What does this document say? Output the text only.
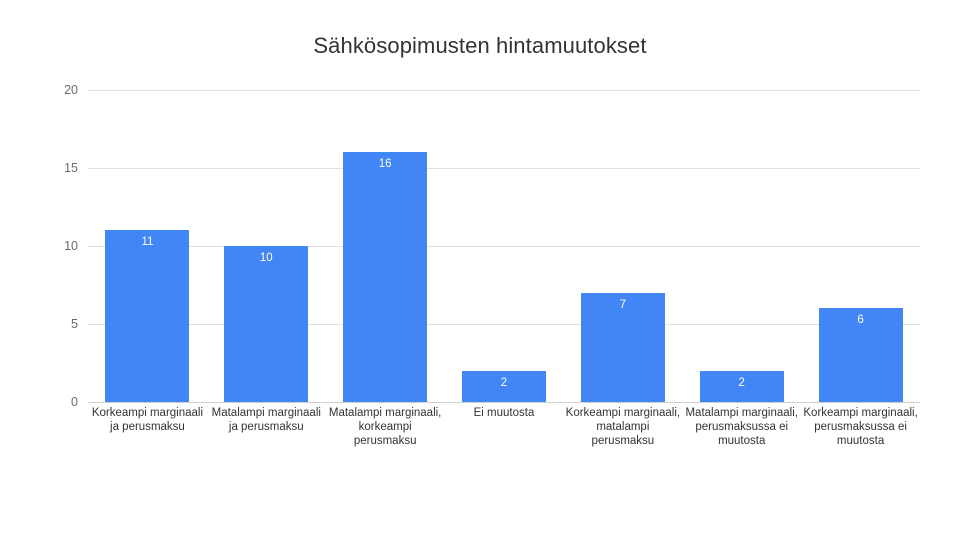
Sähkösopimusten hintamuutokset
20
15
10
5
0
11
10
16
2
7
2
6
Korkeampi marginaali ja perusmaksu
Matalampi marginaali ja perusmaksu
Matalampi marginaali, korkeampi perusmaksu
Ei muutosta	Korkeampi marginaali, matalampi perusmaksu
Matalampi marginaali, perusmaksussa ei muutosta
Korkeampi marginaali, perusmaksussa ei muutosta
